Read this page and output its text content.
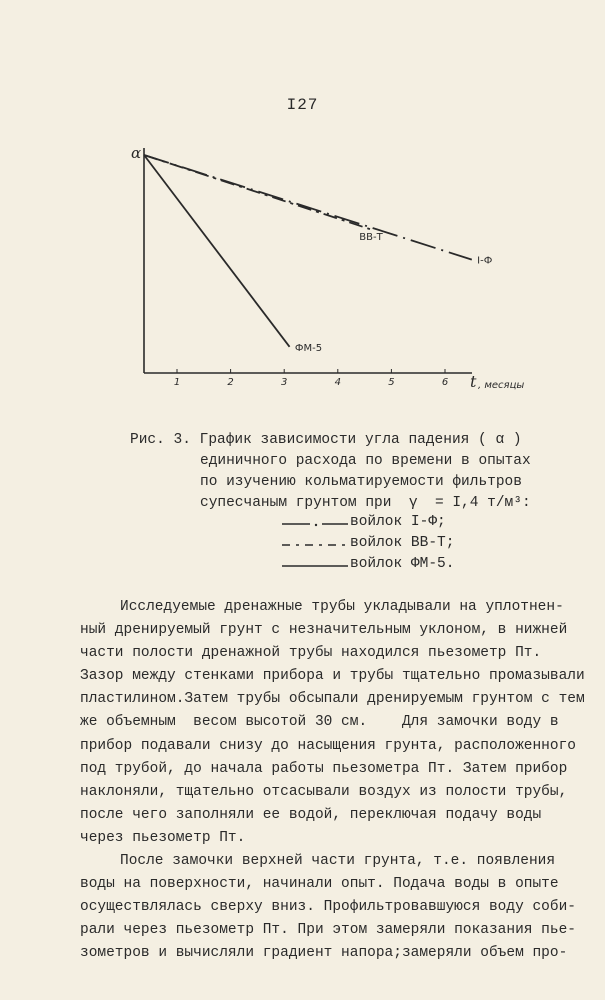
I27
α
t , месяцы
1	2	3	4	5	6
ВВ-Т
I-Ф
ФМ-5
Рис. 3. График зависимости угла падения ( α )
единичного расхода по времени в опытах
по изучению кольматируемости фильтров
супесчаным грунтом при  γ  = I,4 т/м³:

войлок I-Ф;

войлок ВВ-Т;

войлок ФМ-5.

Исследуемые дренажные трубы укладывали на уплотнен-
ный дренируемый грунт с незначительным уклоном, в нижней
части полости дренажной трубы находился пьезометр Пт.
Зазор между стенками прибора и трубы тщательно промазывали
пластилином.Затем трубы обсыпали дренируемым грунтом с тем
же объемным  весом высотой 30 см.    Для замочки воду в
прибор подавали снизу до насыщения грунта, расположенного
под трубой, до начала работы пьезометра Пт. Затем прибор
наклоняли, тщательно отсасывали воздух из полости трубы,
после чего заполняли ее водой, переключая подачу воды
через пьезометр Пт.
После замочки верхней части грунта, т.е. появления
воды на поверхности, начинали опыт. Подача воды в опыте
осуществлялась сверху вниз. Профильтровавшуюся воду соби-
рали через пьезометр Пт. При этом замеряли показания пье-
зометров и вычисляли градиент напора;замеряли объем про-
